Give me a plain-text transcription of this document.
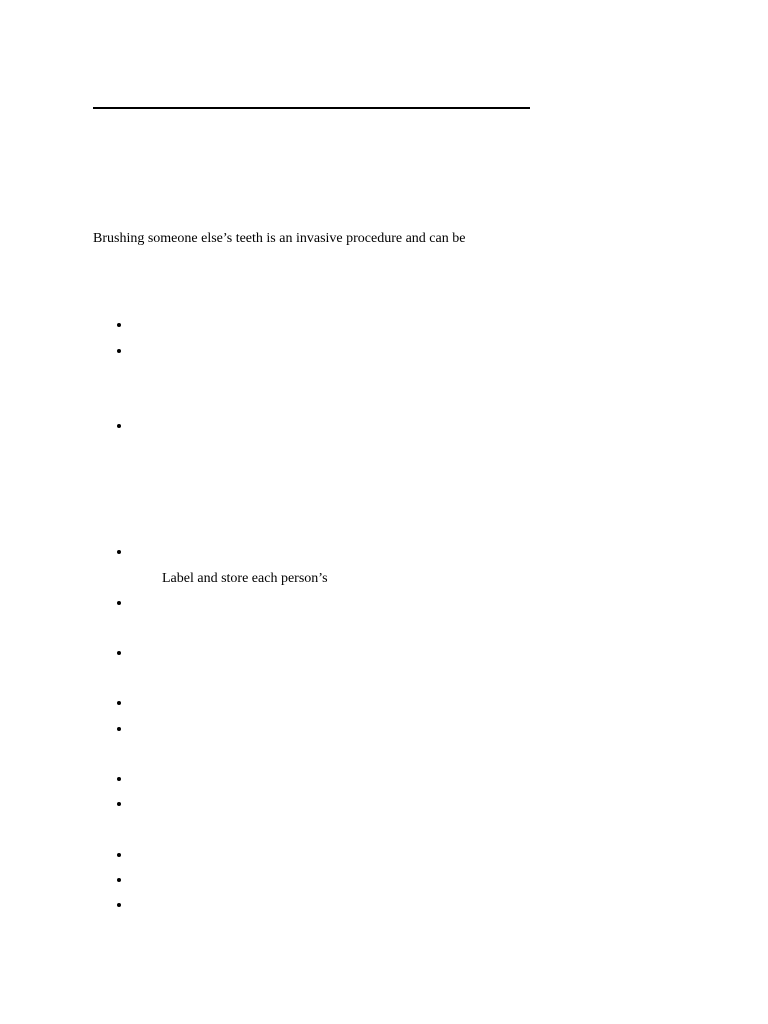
Brushing someone else’s teeth is an invasive procedure and can be
Label and store each person’s
